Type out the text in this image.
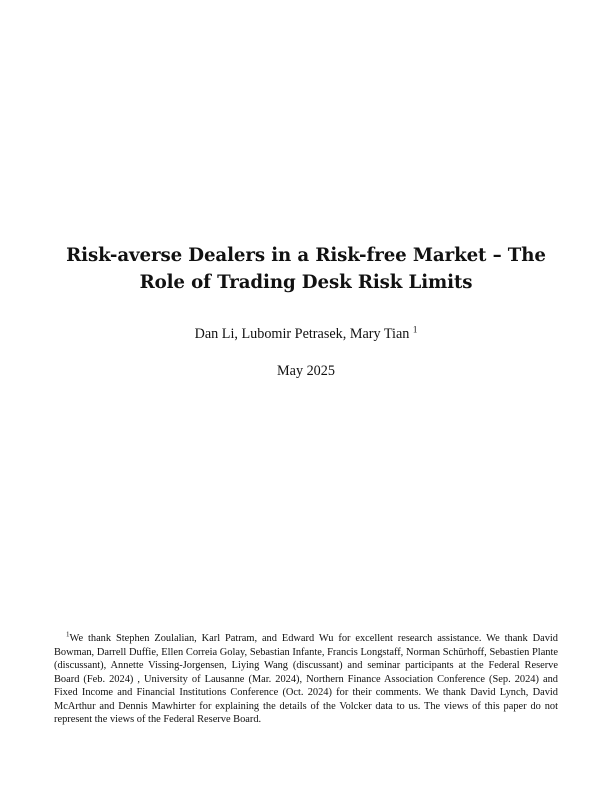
Risk-averse Dealers in a Risk-free Market – The
Role of Trading Desk Risk Limits
Dan Li, Lubomir Petrasek, Mary Tian $^1$
May 2025
$^1$We thank Stephen Zoulalian, Karl Patram, and Edward Wu for excellent research assistance. We thank David Bowman, Darrell Duffie, Ellen Correia Golay, Sebastian Infante, Francis Longstaff, Norman Schürhoff, Sebastien Plante (discussant), Annette Vissing-Jorgensen, Liying Wang (discussant) and seminar participants at the Federal Reserve Board (Feb. 2024) , University of Lausanne (Mar. 2024), Northern Finance Association Conference (Sep. 2024) and Fixed Income and Financial Institutions Conference (Oct. 2024) for their comments. We thank David Lynch, David McArthur and Dennis Mawhirter for explaining the details of the Volcker data to us. The views of this paper do not represent the views of the Federal Reserve Board.
